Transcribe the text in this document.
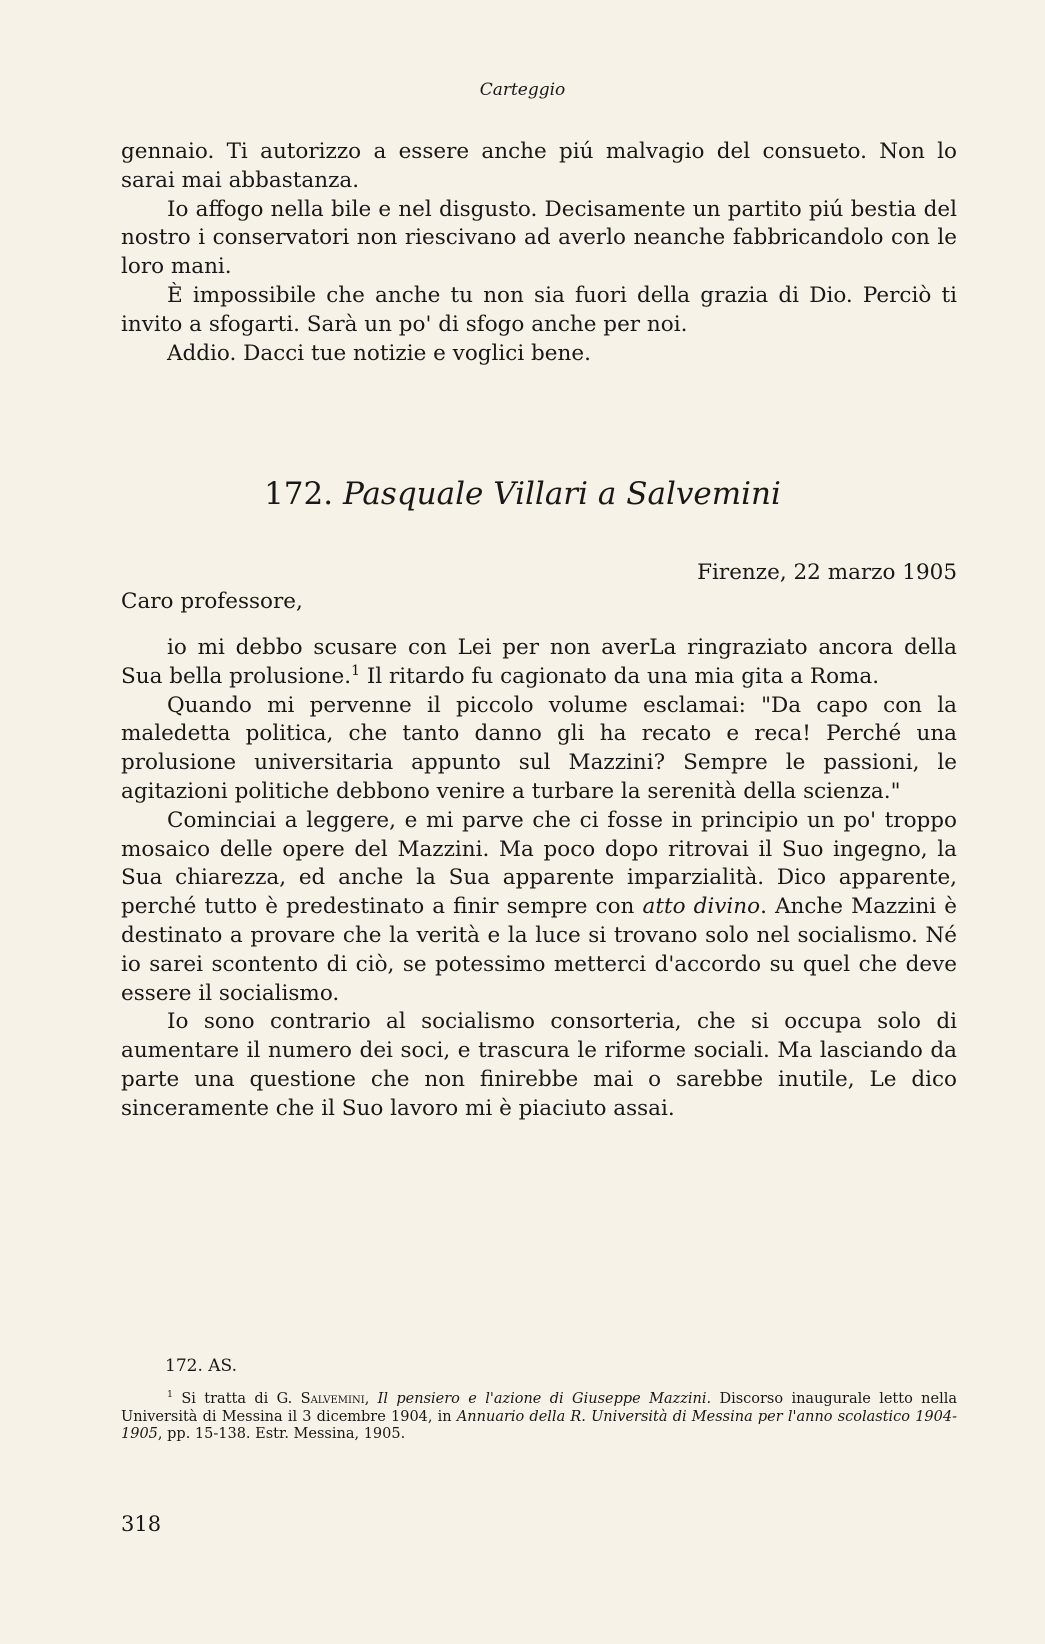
Carteggio

gennaio. Ti autorizzo a essere anche piú malvagio del consueto. Non lo sarai mai abbastanza.

Io affogo nella bile e nel disgusto. Decisamente un partito piú bestia del nostro i conservatori non riescivano ad averlo neanche fabbricandolo con le loro mani.

È impossibile che anche tu non sia fuori della grazia di Dio. Perciò ti invito a sfogarti. Sarà un po' di sfogo anche per noi.

Addio. Dacci tue notizie e voglici bene.

172. Pasquale Villari a Salvemini
Firenze, 22 marzo 1905
Caro professore,

io mi debbo scusare con Lei per non averLa ringraziato ancora della Sua bella prolusione.$^1$ Il ritardo fu cagionato da una mia gita a Roma.

Quando mi pervenne il piccolo volume esclamai: "Da capo con la maledetta politica, che tanto danno gli ha recato e reca! Perché una prolusione universitaria appunto sul Mazzini? Sempre le passioni, le agitazioni politiche debbono venire a turbare la serenità della scienza."

Cominciai a leggere, e mi parve che ci fosse in principio un po' troppo mosaico delle opere del Mazzini. Ma poco dopo ritrovai il Suo ingegno, la Sua chiarezza, ed anche la Sua apparente imparzialità. Dico apparente, perché tutto è predestinato a finir sempre con atto divino. Anche Mazzini è destinato a provare che la verità e la luce si trovano solo nel socialismo. Né io sarei scontento di ciò, se potessimo metterci d'accordo su quel che deve essere il socialismo.

Io sono contrario al socialismo consorteria, che si occupa solo di aumentare il numero dei soci, e trascura le riforme sociali. Ma lasciando da parte una questione che non finirebbe mai o sarebbe inutile, Le dico sinceramente che il Suo lavoro mi è piaciuto assai.

172. AS.

$^1$ Si tratta di G. Salvemini, Il pensiero e l'azione di Giuseppe Mazzini. Discorso inaugurale letto nella Università di Messina il 3 dicembre 1904, in Annuario della R. Università di Messina per l'anno scolastico 1904-1905, pp. 15-138. Estr. Messina, 1905.

318
